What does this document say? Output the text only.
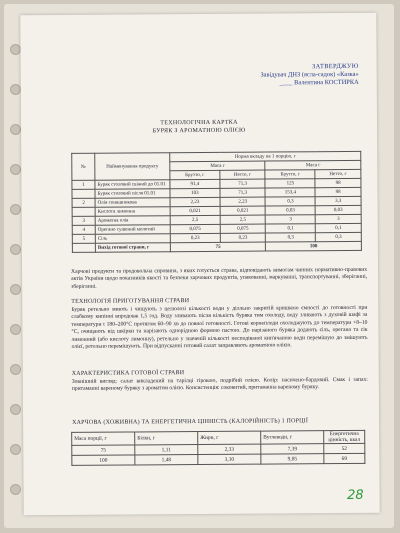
ЗАТВЕРДЖУЮ
Завідувач ДНЗ (ясла-садок) «Казка»
____ Валентина КОСТИРКА
ТЕХНОЛОГІЧНА КАРТКА
БУРЯК З АРОМАТНОЮ ОЛІЄЮ
№	Найменування продукту	Норма вкладу на 1 порцію, г			
		Маса г		Маса г	
		Брутто, г	Нетто, г	Брутто, г	Нетто, г
1	Буряк столовий свіжий до 01.01	91,4	71,3	125	98
	Буряк столовий після 01.01	103	71,3	153,4	98
2	Олія соняшникова	2,23	2,23	0,3	3,3
	Кислота лимонна	0,021	0,021	0,03	0,03
3	Ароматна олія	2,5	2,5	3	3
4	Орегано сушений молотий	0,075	0,075	0,1	0,1
5	Сіль	0,23	0,23	0,3	0,3
	Вихід готової страви, г	75		100	
Харчові продукти та продовольча сировина, з яких готується страва, відповідають вимогам чинних нормативно-правових актів України щодо показників якості та безпеки харчових продуктів, упакованні, маркуванні, транспортуванні, зберіганні, зберіганні.
ТЕХНОЛОГІЯ ПРИГОТУВАННЯ СТРАВИ
Буряк ретельно миють і чищують з целюлозі кількості води у ділльно закритій кришкою ємності до готовності при слабкому кипінні впродовж 1,5 год. Воду зливають після кількість буряка тим охолоду, воду зливають з духовій шафі за температури t 180–200°С протягом 60–90 хв до повної готовності. Готові корнеплоди охолоджують до температури +8–10 °С, очищають від шкірки та нарізають однорідною формою пастою. До нарізаного буряка додають сіль, орегано та сік лимонний (або кислоту лимонну), ретельно у значеній кількості несподіваної кип'ячаною води перемішую до змішують олієї, ретельно перемішують. При відпусканні готовий салат заправляють ароматною олією.
ХАРАКТЕРИСТИКА ГОТОВОЇ СТРАВИ
Зовнішній вигляд: салат викладений на тарілці гірокою, подрібнй олією. Колір: насичено-бардовий. Смак і запах: притаманні вареному буряку з ароматом олією. Консистенція: соковитий, притаманна вареному буряку.
ХАРЧОВА (ХОЖИВНА) ТА ЕНЕРГЕТИЧНА ЦІННІСТЬ (КАЛОРІЙНІСТЬ) 1 ПОРЦІЇ
Маса порції, г	Білки, г	Жири, г	Вуглеводи, г	Енергетична цінність, ккал
75	1,11	2,33	7,39	52
100	1,48	3,10	9,85	69
28
